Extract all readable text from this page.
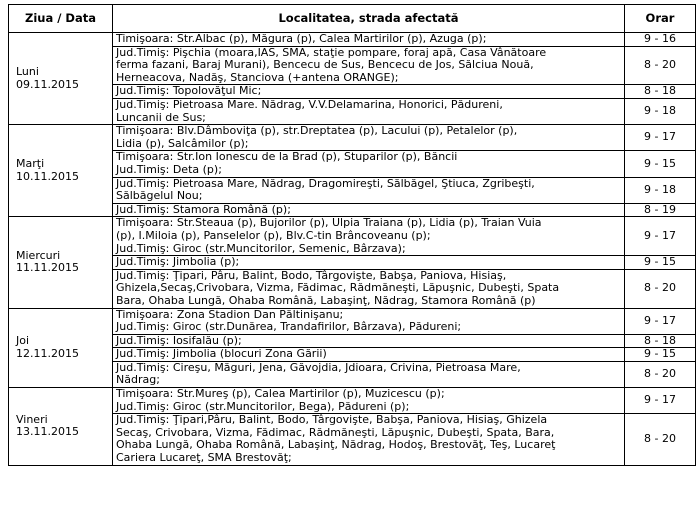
Ziua / Data	Localitatea, strada afectată	Orar

Luni
09.11.2015	Timişoara: Str.Albac (p), Măgura (p), Calea Martirilor (p), Azuga (p);	9 - 16

	Jud.Timiş: Pişchia (moara,IAS, SMA, staţie pompare, foraj apă, Casa Vânătoare
ferma fazani, Baraj Murani), Bencecu de Sus, Bencecu de Jos, Sălciua Nouă,
Herneacova, Nadăş, Stanciova (+antena ORANGE);	8 - 20

	Jud.Timiş: Topolovăţul Mic;	8 - 18

	Jud.Timiş: Pietroasa Mare. Nădrag, V.V.Delamarina, Honorici, Pădureni,
Luncanii de Sus;	9 - 18

Marţi
10.11.2015	Timişoara: Blv.Dâmboviţa (p), str.Dreptatea (p), Lacului (p), Petalelor (p),
Lidia (p), Salcâmilor (p);	9 - 17

	Timişoara: Str.Ion Ionescu de la Brad (p), Stuparilor (p), Băncii
Jud.Timiş: Deta (p);	9 - 15

	Jud.Timiş: Pietroasa Mare, Nădrag, Dragomireşti, Sălbăgel, Ştiuca, Zgribeşti,
Sălbăgelul Nou;	9 - 18

	Jud.Timiş: Stamora Română (p);	8 - 19

Miercuri
11.11.2015	Timişoara: Str.Steaua (p), Bujorilor (p), Ulpia Traiana (p), Lidia (p), Traian Vuia
(p), I.Miloia (p), Panselelor (p), Blv.C-tin Brâncoveanu (p);
Jud.Timiş: Giroc (str.Muncitorilor, Semenic, Bârzava);	9 - 17

	Jud.Timiş: Jimbolia (p);	9 - 15

	Jud.Timiş: Ţipari, Pâru, Balint, Bodo, Târgovişte, Babşa, Paniova, Hisiaş,
Ghizela,Secaş,Crivobara, Vizma, Fădimac, Rădmăneşti, Lăpuşnic, Dubeşti, Spata
Bara, Ohaba Lungă, Ohaba Română, Labaşinţ, Nădrag, Stamora Română (p)	8 - 20

Joi
12.11.2015	Timişoara: Zona Stadion Dan Păltinişanu;
Jud.Timiş: Giroc (str.Dunărea, Trandafirilor, Bârzava), Pădureni;	9 - 17

	Jud.Timiş: Iosifalău (p);	8 - 18

	Jud.Timiş: Jimbolia (blocuri Zona Gării)	9 - 15

	Jud.Timiş: Cireşu, Măguri, Jena, Găvojdia, Jdioara, Crivina, Pietroasa Mare,
Nădrag;	8 - 20

Vineri
13.11.2015	Timişoara: Str.Mureş (p), Calea Martirilor (p), Muzicescu (p);
Jud.Timiş: Giroc (str.Muncitorilor, Bega), Pădureni (p);	9 - 17

	Jud.Timiş: Ţipari,Pâru, Balint, Bodo, Târgovişte, Babşa, Paniova, Hisiaş, Ghizela
Secaş, Crivobara, Vizma, Fădimac, Rădmăneşti, Lăpuşnic, Dubeşti, Spata, Bara,
Ohaba Lungă, Ohaba Română, Labaşinţ, Nădrag, Hodoş, Brestovăţ, Teş, Lucareţ
Cariera Lucareţ, SMA Brestovăţ;	8 - 20
